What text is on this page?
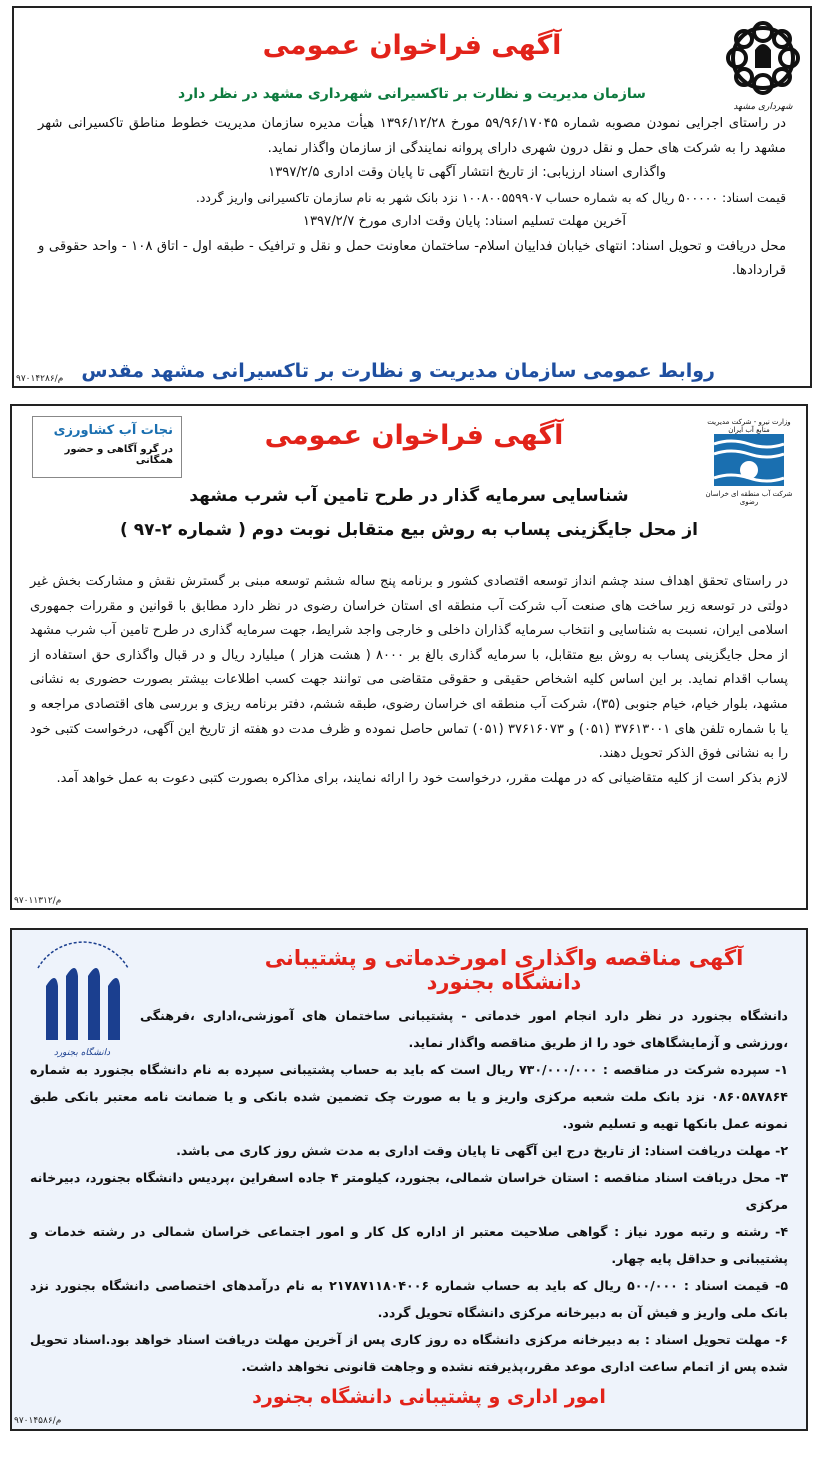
شهرداری مشهد
آگهی فراخوان عمومی
سازمان مدیریت و نظارت بر تاکسیرانی شهرداری مشهد در نظر دارد

در راستای اجرایی نمودن مصوبه شماره ۵۹/۹۶/۱۷۰۴۵ مورخ ۱۳۹۶/۱۲/۲۸ هیأت مدیره سازمان مدیریت خطوط مناطق تاکسیرانی شهر مشهد را به شرکت های حمل و نقل درون شهری دارای پروانه نمایندگی از سازمان واگذار نماید.

واگذاری اسناد ارزیابی: از تاریخ انتشار آگهی تا پایان وقت اداری ۱۳۹۷/۲/۵

قیمت اسناد: ۵۰۰۰۰۰ ریال که به شماره حساب ۱۰۰۸۰۰۵۵۹۹۰۷ نزد بانک شهر به نام سازمان تاکسیرانی واریز گردد.

آخرین مهلت تسلیم اسناد: پایان وقت اداری مورخ ۱۳۹۷/۲/۷

محل دریافت و تحویل اسناد: انتهای خیابان فداییان اسلام- ساختمان معاونت حمل و نقل و ترافیک - طبقه اول - اتاق ۱۰۸ - واحد حقوقی و قراردادها.

روابط عمومی سازمان مدیریت و نظارت بر تاکسیرانی مشهد مقدس
م/۹۷۰۱۴۲۸۶
وزارت نیرو - شرکت مدیریت منابع آب ایران
شرکت آب منطقه ای خراسان رضوی
نجات آب کشاورزی
در گرو آگاهی و حضور همگانی
آگهی فراخوان عمومی
شناسایی سرمایه گذار در طرح تامین آب شرب مشهد
از محل جایگزینی پساب به روش بیع متقابل نوبت دوم ( شماره ۲-۹۷ )

در راستای تحقق اهداف سند چشم انداز توسعه اقتصادی کشور و برنامه پنج ساله ششم توسعه مبنی بر گسترش نقش و مشارکت بخش غیر دولتی در توسعه زیر ساخت های صنعت آب شرکت آب منطقه ای استان خراسان رضوی در نظر دارد مطابق با قوانین و مقررات جمهوری اسلامی ایران، نسبت به شناسایی و انتخاب سرمایه گذاران داخلی و خارجی واجد شرایط، جهت سرمایه گذاری در طرح تامین آب شرب مشهد از محل جایگزینی پساب به روش بیع متقابل، با سرمایه گذاری بالغ بر ۸۰۰۰ ( هشت هزار ) میلیارد ریال و در قبال واگذاری حق استفاده از پساب اقدام نماید. بر این اساس کلیه اشخاص حقیقی و حقوقی متقاضی می توانند جهت کسب اطلاعات بیشتر بصورت حضوری به نشانی مشهد، بلوار خیام، خیام جنوبی (۳۵)، شرکت آب منطقه ای خراسان رضوی، طبقه ششم، دفتر برنامه ریزی و بررسی های اقتصادی مراجعه و یا با شماره تلفن های ۳۷۶۱۳۰۰۱ (۰۵۱) و ۳۷۶۱۶۰۷۳ (۰۵۱) تماس حاصل نموده و ظرف مدت دو هفته از تاریخ این آگهی، درخواست کتبی خود را به نشانی فوق الذکر تحویل دهند.

لازم بذکر است از کلیه متقاضیانی که در مهلت مقرر، درخواست خود را ارائه نمایند، برای مذاکره بصورت کتبی دعوت به عمل خواهد آمد.

م/۹۷۰۱۱۳۱۲
دانشگاه بجنورد
آگهی مناقصه واگذاری امورخدماتی و پشتیبانی دانشگاه بجنورد

دانشگاه بجنورد در نظر دارد انجام امور خدماتی - پشتیبانی ساختمان های آموزشی،اداری ،فرهنگی ،ورزشی و آزمایشگاهای خود را از طریق مناقصه واگذار نماید.

۱- سپرده شرکت در مناقصه : ۷۳۰/۰۰۰/۰۰۰ ریال است که باید به حساب پشتیبانی سپرده به نام دانشگاه بجنورد به شماره ۰۸۶۰۵۸۷۸۶۴ نزد بانک ملت شعبه مرکزی واریز و یا به صورت چک تضمین شده بانکی و یا ضمانت نامه معتبر بانکی طبق نمونه عمل بانکها تهیه و تسلیم شود.

۲- مهلت دریافت اسناد: از تاریخ درج این آگهی تا پایان وقت اداری به مدت شش روز کاری می باشد.

۳- محل دریافت اسناد مناقصه : استان خراسان شمالی، بجنورد، کیلومتر ۴ جاده اسفراین ،پردیس دانشگاه بجنورد، دبیرخانه مرکزی

۴- رشته و رتبه مورد نیاز : گواهی صلاحیت معتبر از اداره کل کار و امور اجتماعی خراسان شمالی در رشته خدمات و پشتیبانی و حداقل پایه چهار.

۵- قیمت اسناد : ۵۰۰/۰۰۰ ریال که باید به حساب شماره ۲۱۷۸۷۱۱۸۰۴۰۰۶ به نام درآمدهای اختصاصی دانشگاه بجنورد نزد بانک ملی واریز و فیش آن به دبیرخانه مرکزی دانشگاه تحویل گردد.

۶- مهلت تحویل اسناد : به دبیرخانه مرکزی دانشگاه ده روز کاری پس از آخرین مهلت دریافت اسناد خواهد بود.اسناد تحویل شده پس از اتمام ساعت اداری موعد مقرر،پذیرفته نشده و وجاهت قانونی نخواهد داشت.

امور اداری و پشتیبانی دانشگاه بجنورد
م/۹۷۰۱۴۵۸۶
